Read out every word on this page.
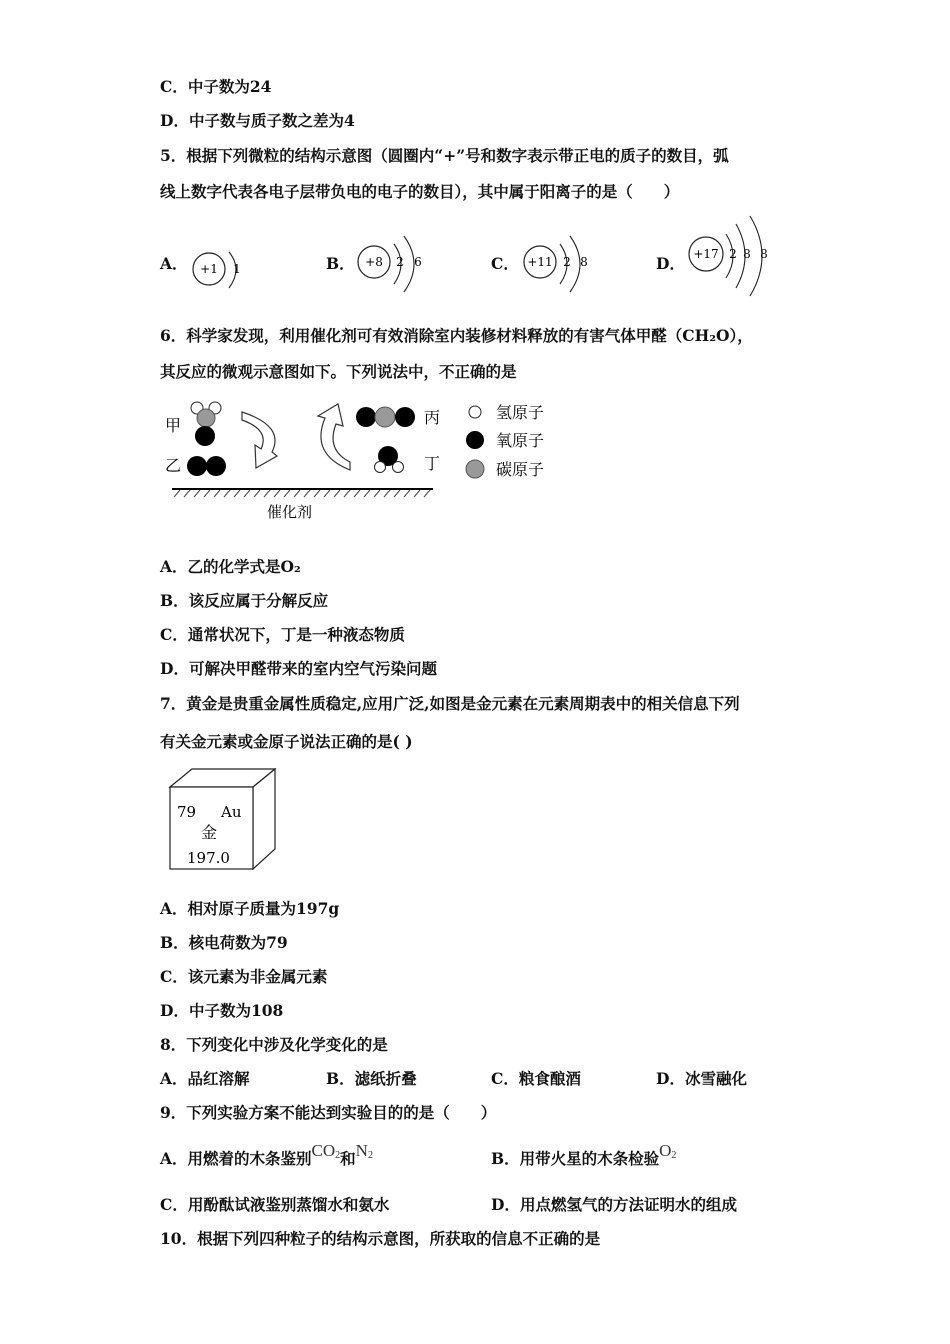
C．中子数为24
D．中子数与质子数之差为4
5．根据下列微粒的结构示意图（圆圈内“+”号和数字表示带正电的质子的数目，弧
线上数字代表各电子层带负电的电子的数目），其中属于阳离子的是（　　）
A． +1 1	B． +8 2 6	C． +11 2 8	D． +17 2 8 8
6．科学家发现，利用催化剂可有效消除室内装修材料释放的有害气体甲醛（CH₂O），
其反应的微观示意图如下。下列说法中，不正确的是
甲
乙
丙
丁
催化剂
氢原子
氧原子
碳原子
A．乙的化学式是O₂
B．该反应属于分解反应
C．通常状况下，丁是一种液态物质
D．可解决甲醛带来的室内空气污染问题
7．黄金是贵重金属性质稳定,应用广泛,如图是金元素在元素周期表中的相关信息下列
有关金元素或金原子说法正确的是( )
79 Au
金
197.0
A．相对原子质量为197g
B．核电荷数为79
C．该元素为非金属元素
D．中子数为108
8．下列变化中涉及化学变化的是
A．品红溶解	B．滤纸折叠	C．粮食酿酒	D．冰雪融化
9．下列实验方案不能达到实验目的的是（　　）
A．用燃着的木条鉴别$CO_2$和$N_2$	B．用带火星的木条检验$O_2$
C．用酚酞试液鉴别蒸馏水和氨水	D．用点燃氢气的方法证明水的组成
10．根据下列四种粒子的结构示意图，所获取的信息不正确的是
